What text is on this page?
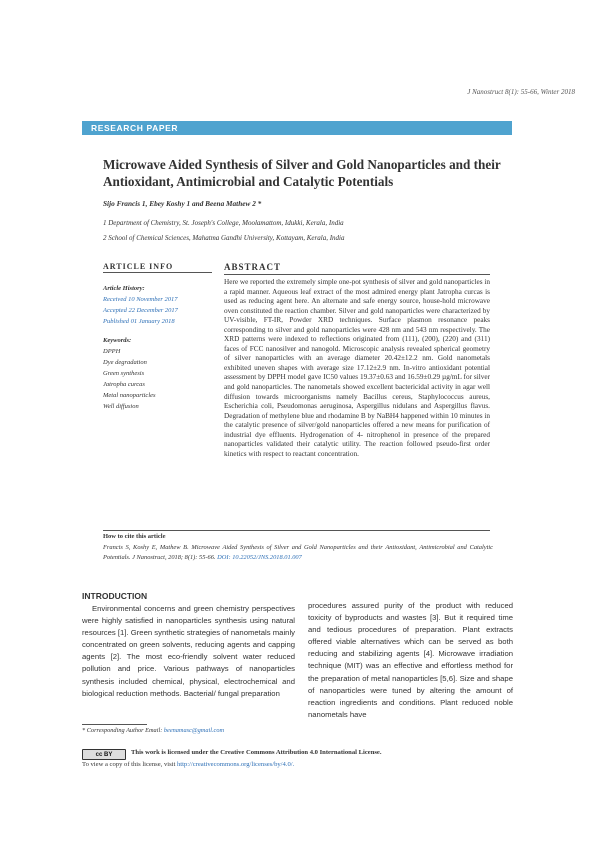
J Nanostruct 8(1): 55-66, Winter 2018
RESEARCH PAPER
Microwave Aided Synthesis of Silver and Gold Nanoparticles and their Antioxidant, Antimicrobial and Catalytic Potentials
Sijo Francis 1, Ebey Koshy 1 and Beena Mathew 2 *
1 Department of Chemistry, St. Joseph's College, Moolamattom, Idukki, Kerala, India
2 School of Chemical Sciences, Mahatma Gandhi University, Kottayam, Kerala, India
ARTICLE INFO	ABSTRACT
Article History:
Received 10 November 2017
Accepted 22 December 2017
Published 01 January 2018
Keywords:
DPPH
Dye degradation
Green synthesis
Jatropha curcas
Metal nanoparticles
Well diffusion
Here we reported the extremely simple one-pot synthesis of silver and gold nanoparticles in a rapid manner. Aqueous leaf extract of the most admired energy plant Jatropha curcas is used as reducing agent here. An alternate and safe energy source, house-hold microwave oven constituted the reaction chamber. Silver and gold nanoparticles were characterized by UV-visible, FT-IR, Powder XRD techniques. Surface plasmon resonance peaks corresponding to silver and gold nanoparticles were 428 nm and 543 nm respectively. The XRD patterns were indexed to reflections originated from (111), (200), (220) and (311) faces of FCC nanosilver and nanogold. Microscopic analysis revealed spherical geometry of silver nanoparticles with an average diameter 20.42±12.2 nm. Gold nanometals exhibited uneven shapes with average size 17.12±2.9 nm. In-vitro antioxidant potential assessment by DPPH model gave IC50 values 19.37±0.63 and 16.59±0.29 µg/mL for silver and gold nanoparticles. The nanometals showed excellent bactericidal activity in agar well diffusion towards microorganisms namely Bacillus cereus, Staphylococcus aureus, Escherichia coli, Pseudomonas aeruginosa, Aspergillus nidulans and Aspergillus flavus. Degradation of methylene blue and rhodamine B by NaBH4 happened within 10 minutes in the catalytic presence of silver/gold nanoparticles offered a new means for purification of industrial dye effluents. Hydrogenation of 4- nitrophenol in presence of the prepared nanoparticles validated their catalytic utility. The reaction followed pseudo-first order kinetics with respect to reactant concentration.
How to cite this article
Francis S, Koshy E, Mathew B. Microwave Aided Synthesis of Silver and Gold Nanoparticles and their Antioxidant, Antimicrobial and Catalytic Potentials. J Nanostruct, 2018; 8(1): 55-66. DOI: 10.22052/JNS.2018.01.007
INTRODUCTION
Environmental concerns and green chemistry perspectives were highly satisfied in nanoparticles synthesis using natural resources [1]. Green synthetic strategies of nanometals mainly concentrated on green solvents, reducing agents and capping agents [2]. The most eco-friendly solvent water reduced pollution and price. Various pathways of nanoparticles synthesis included chemical, physical, electrochemical and biological reduction methods. Bacterial/ fungal preparation
procedures assured purity of the product with reduced toxicity of byproducts and wastes [3]. But it required time and tedious procedures of preparation. Plant extracts offered viable alternatives which can be served as both reducing and stabilizing agents [4]. Microwave irradiation technique (MIT) was an effective and effortless method for the preparation of metal nanoparticles [5,6]. Size and shape of nanoparticles were tuned by altering the amount of reaction ingredients and conditions. Plant reduced noble nanometals have
* Corresponding Author Email: beenamasc@gmail.com
cc BY	This work is licensed under the Creative Commons Attribution 4.0 International License.
To view a copy of this license, visit http://creativecommons.org/licenses/by/4.0/.
